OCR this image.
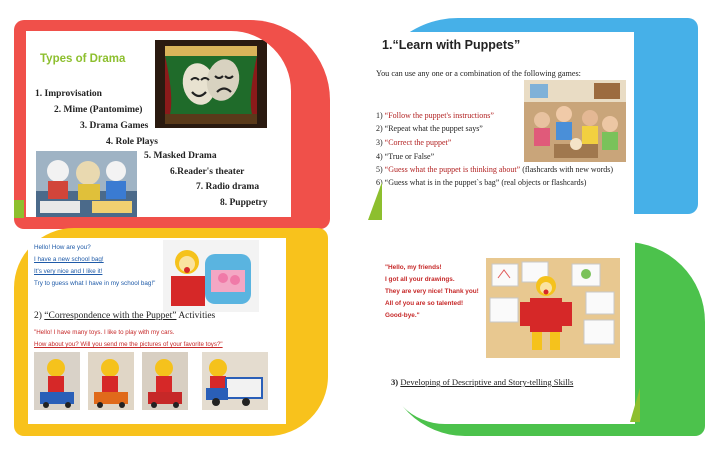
Types of Drama
1. Improvisation
2. Mime (Pantomime)
3. Drama Games
4. Role Plays
5. Masked Drama
6.Reader's theater
7. Radio drama
8. Puppetry
1.“Learn with Puppets”
You can use any one or a combination of the following games:
1) “Follow the puppet's instructions”
2) “Repeat what the puppet says”
3) “Correct the puppet”
4) “True or False”
5) “Guess what the puppet is thinking about” (flashcards with new words)
6) “Guess what is in the puppet`s bag” (real objects or flashcards)
Hello! How are you?
I have a new school bag!
It's very nice and I like it!
Try to guess what I have in my school bag!"
2) “Correspondence with the Puppet” Activities
"Hello! I have many toys. I like to play with my cars.
How about you? Will you send me the pictures of your favorite toys?"
"Hello, my friends!
I got all your drawings.
They are very nice! Thank you!
All of you are so talented!
Good-bye."
3) Developing of Descriptive and Story-telling Skills
